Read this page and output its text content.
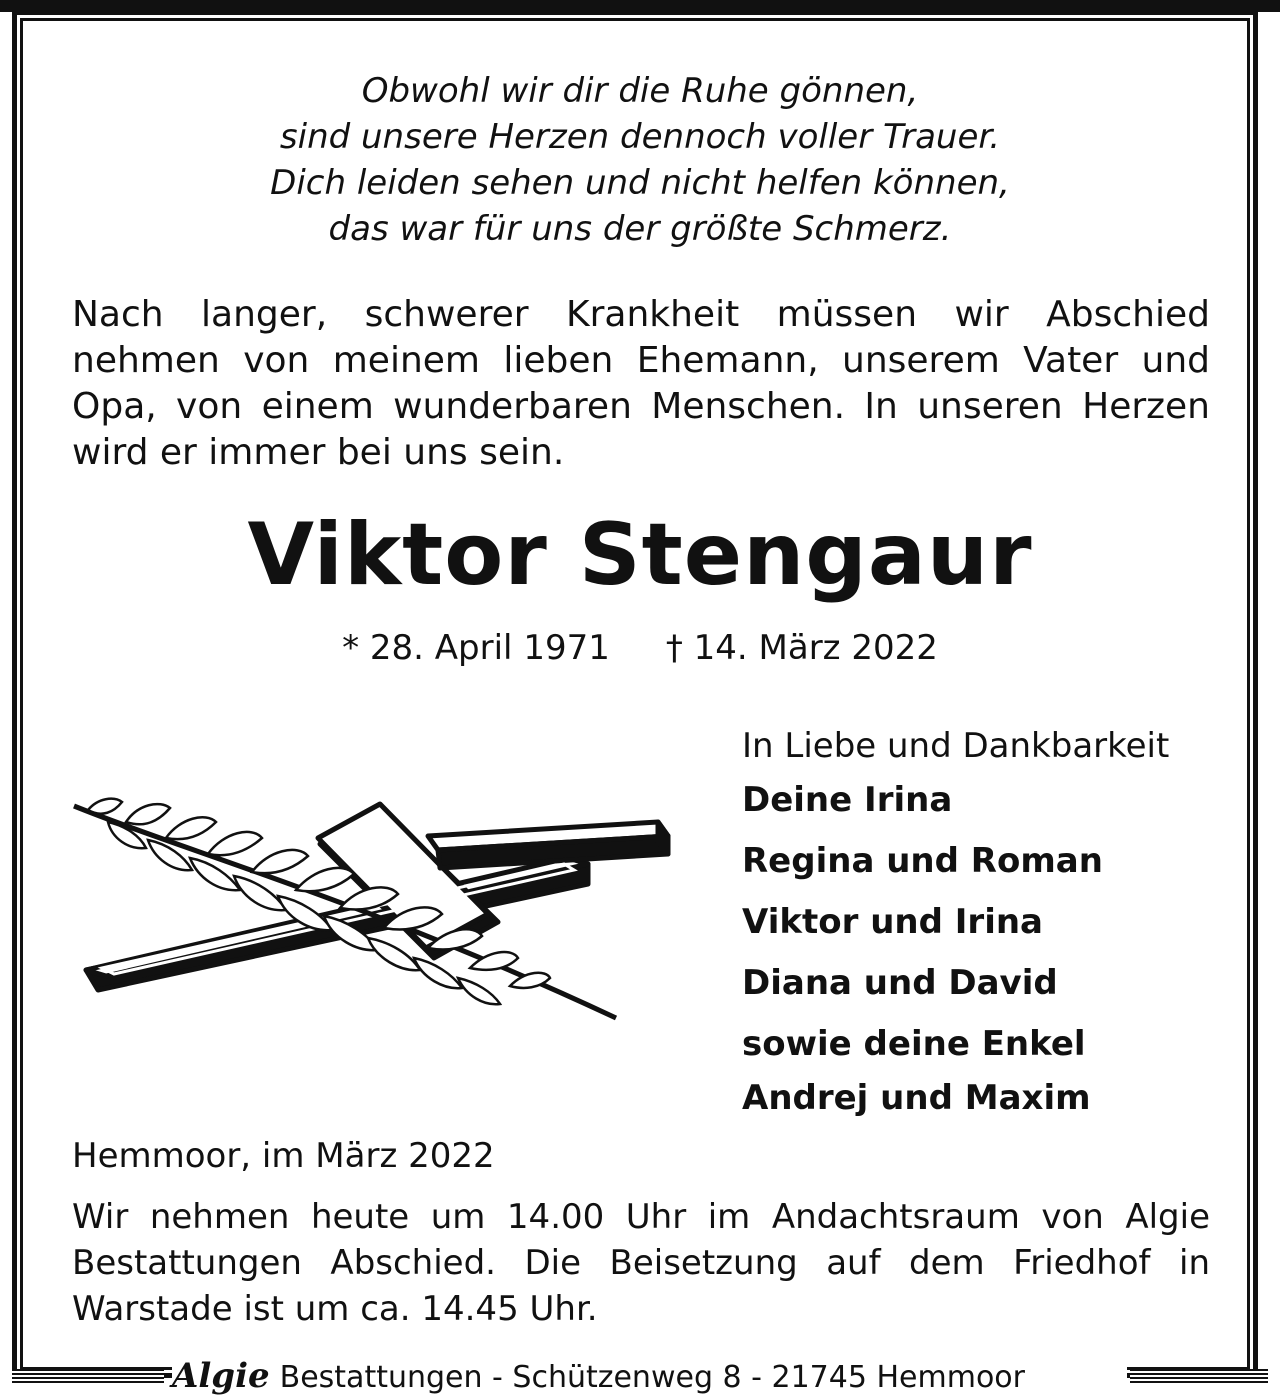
Obwohl wir dir die Ruhe gönnen,
sind unsere Herzen dennoch voller Trauer.
Dich leiden sehen und nicht helfen können,
das war für uns der größte Schmerz.
Nach langer, schwerer Krankheit müssen wir Abschied nehmen von meinem lieben Ehemann, unserem Vater und Opa, von einem wunderbaren Menschen. In unseren Herzen wird er immer bei uns sein.
Viktor Stengaur
* 28. April 1971 † 14. März 2022
In Liebe und Dankbarkeit
Deine Irina
Regina und Roman
Viktor und Irina
Diana und David
sowie deine Enkel
Andrej und Maxim
Hemmoor, im März 2022
Wir nehmen heute um 14.00 Uhr im Andachtsraum von Algie Bestattungen Abschied. Die Beisetzung auf dem Friedhof in Warstade ist um ca. 14.45 Uhr.
Algie Bestattungen - Schützenweg 8 - 21745 Hemmoor
